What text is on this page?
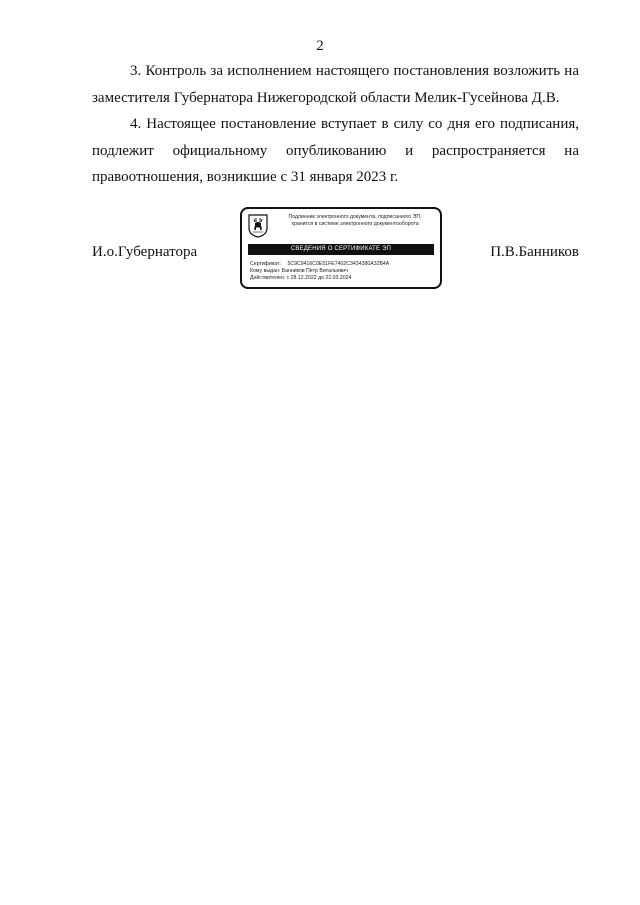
2

3. Контроль за исполнением настоящего постановления возложить на заместителя Губернатора Нижегородской области Мелик-Гусейнова Д.В.

4. Настоящее постановление вступает в силу со дня его подписания, подлежит официальному опубликованию и распространяется на правоотношения, возникшие с 31 января 2023 г.

И.о.Губернатора	П.В.Банников
Подлинник электронного документа, подписанного ЭП,
хранится в системе электронного документооборота
СВЕДЕНИЯ О СЕРТИФИКАТЕ ЭП
Сертификат: 5C9C9416C0E51FE7402C3434380A32B4A
Кому выдан: Банников Пётр Витальевич
Действителен: с 28.12.2022 до 22.03.2024
